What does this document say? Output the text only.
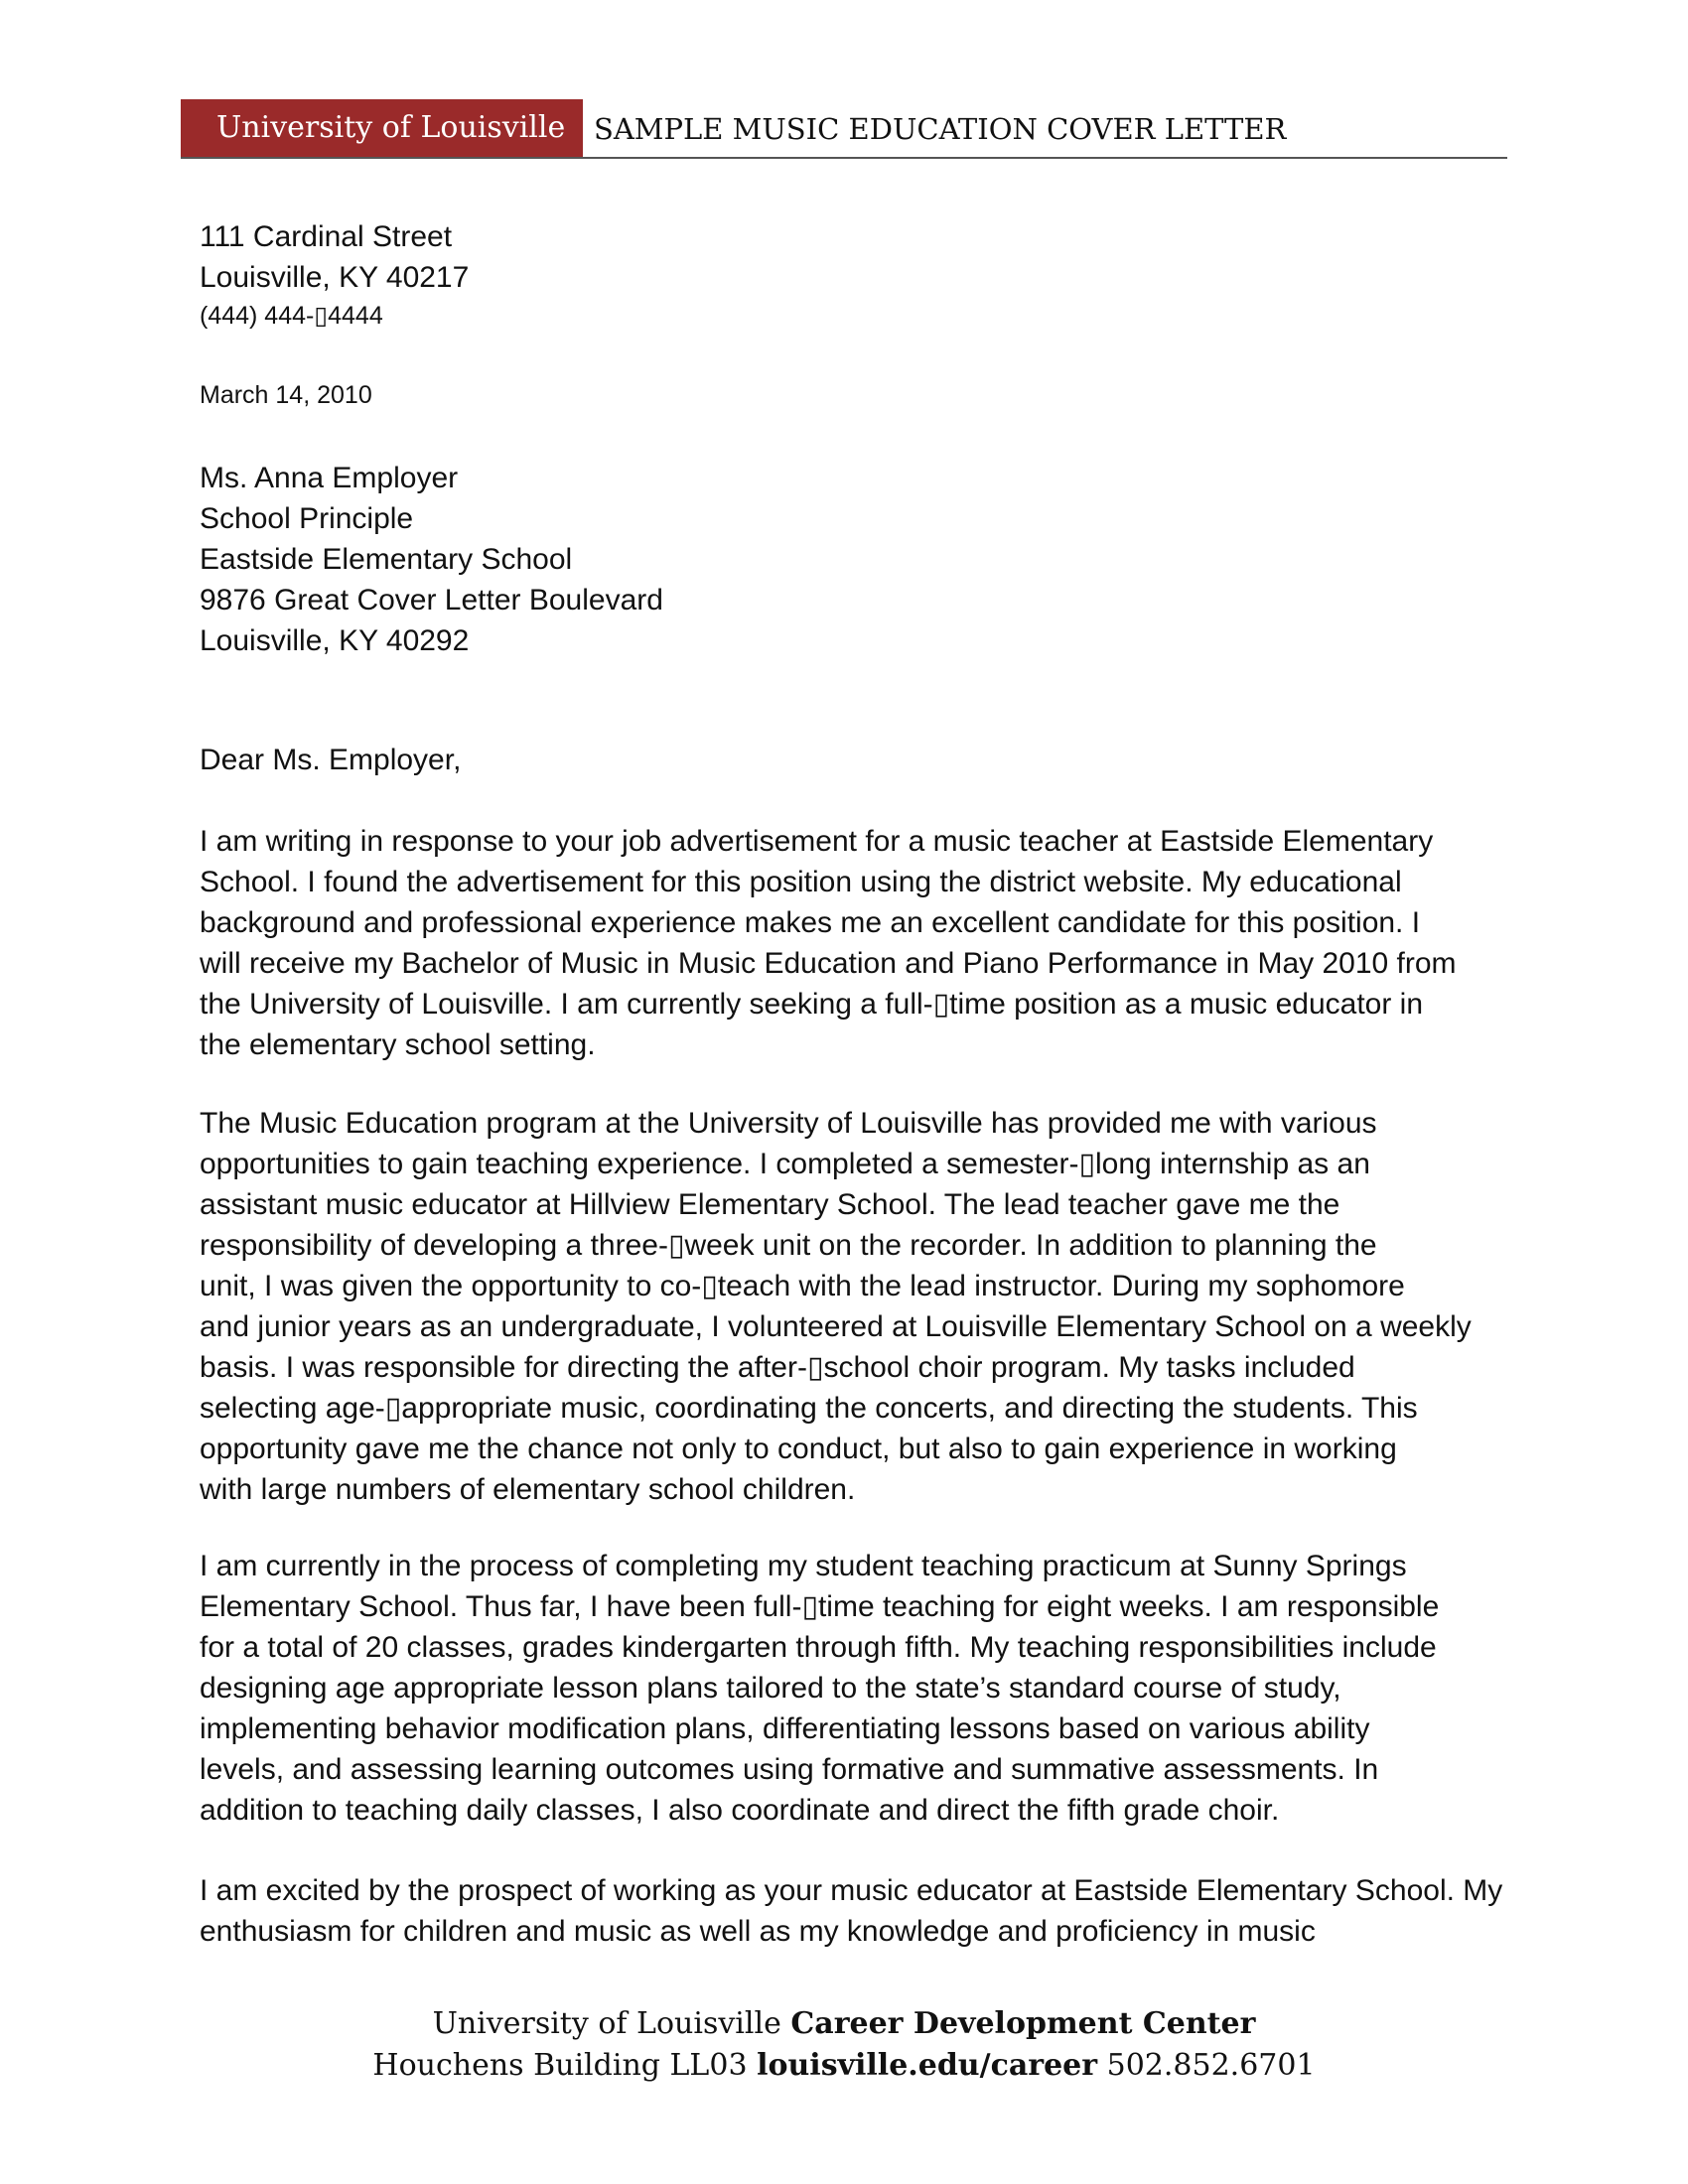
University of Louisville SAMPLE MUSIC EDUCATION COVER LETTER
111 Cardinal Street
Louisville, KY 40217
(444) 444-▯4444
March 14, 2010
Ms. Anna Employer
School Principle
Eastside Elementary School
9876 Great Cover Letter Boulevard
Louisville, KY 40292
Dear Ms. Employer,
I am writing in response to your job advertisement for a music teacher at Eastside Elementary
School. I found the advertisement for this position using the district website. My educational
background and professional experience makes me an excellent candidate for this position. I
will receive my Bachelor of Music in Music Education and Piano Performance in May 2010 from
the University of Louisville. I am currently seeking a full-▯time position as a music educator in
the elementary school setting.
The Music Education program at the University of Louisville has provided me with various
opportunities to gain teaching experience. I completed a semester-▯long internship as an
assistant music educator at Hillview Elementary School. The lead teacher gave me the
responsibility of developing a three-▯week unit on the recorder. In addition to planning the
unit, I was given the opportunity to co-▯teach with the lead instructor. During my sophomore
and junior years as an undergraduate, I volunteered at Louisville Elementary School on a weekly
basis. I was responsible for directing the after-▯school choir program. My tasks included
selecting age-▯appropriate music, coordinating the concerts, and directing the students. This
opportunity gave me the chance not only to conduct, but also to gain experience in working
with large numbers of elementary school children.
I am currently in the process of completing my student teaching practicum at Sunny Springs
Elementary School. Thus far, I have been full-▯time teaching for eight weeks. I am responsible
for a total of 20 classes, grades kindergarten through fifth. My teaching responsibilities include
designing age appropriate lesson plans tailored to the state’s standard course of study,
implementing behavior modification plans, differentiating lessons based on various ability
levels, and assessing learning outcomes using formative and summative assessments. In
addition to teaching daily classes, I also coordinate and direct the fifth grade choir.
I am excited by the prospect of working as your music educator at Eastside Elementary School. My
enthusiasm for children and music as well as my knowledge and proficiency in music
University of Louisville Career Development Center
Houchens Building LL03 louisville.edu/career 502.852.6701
